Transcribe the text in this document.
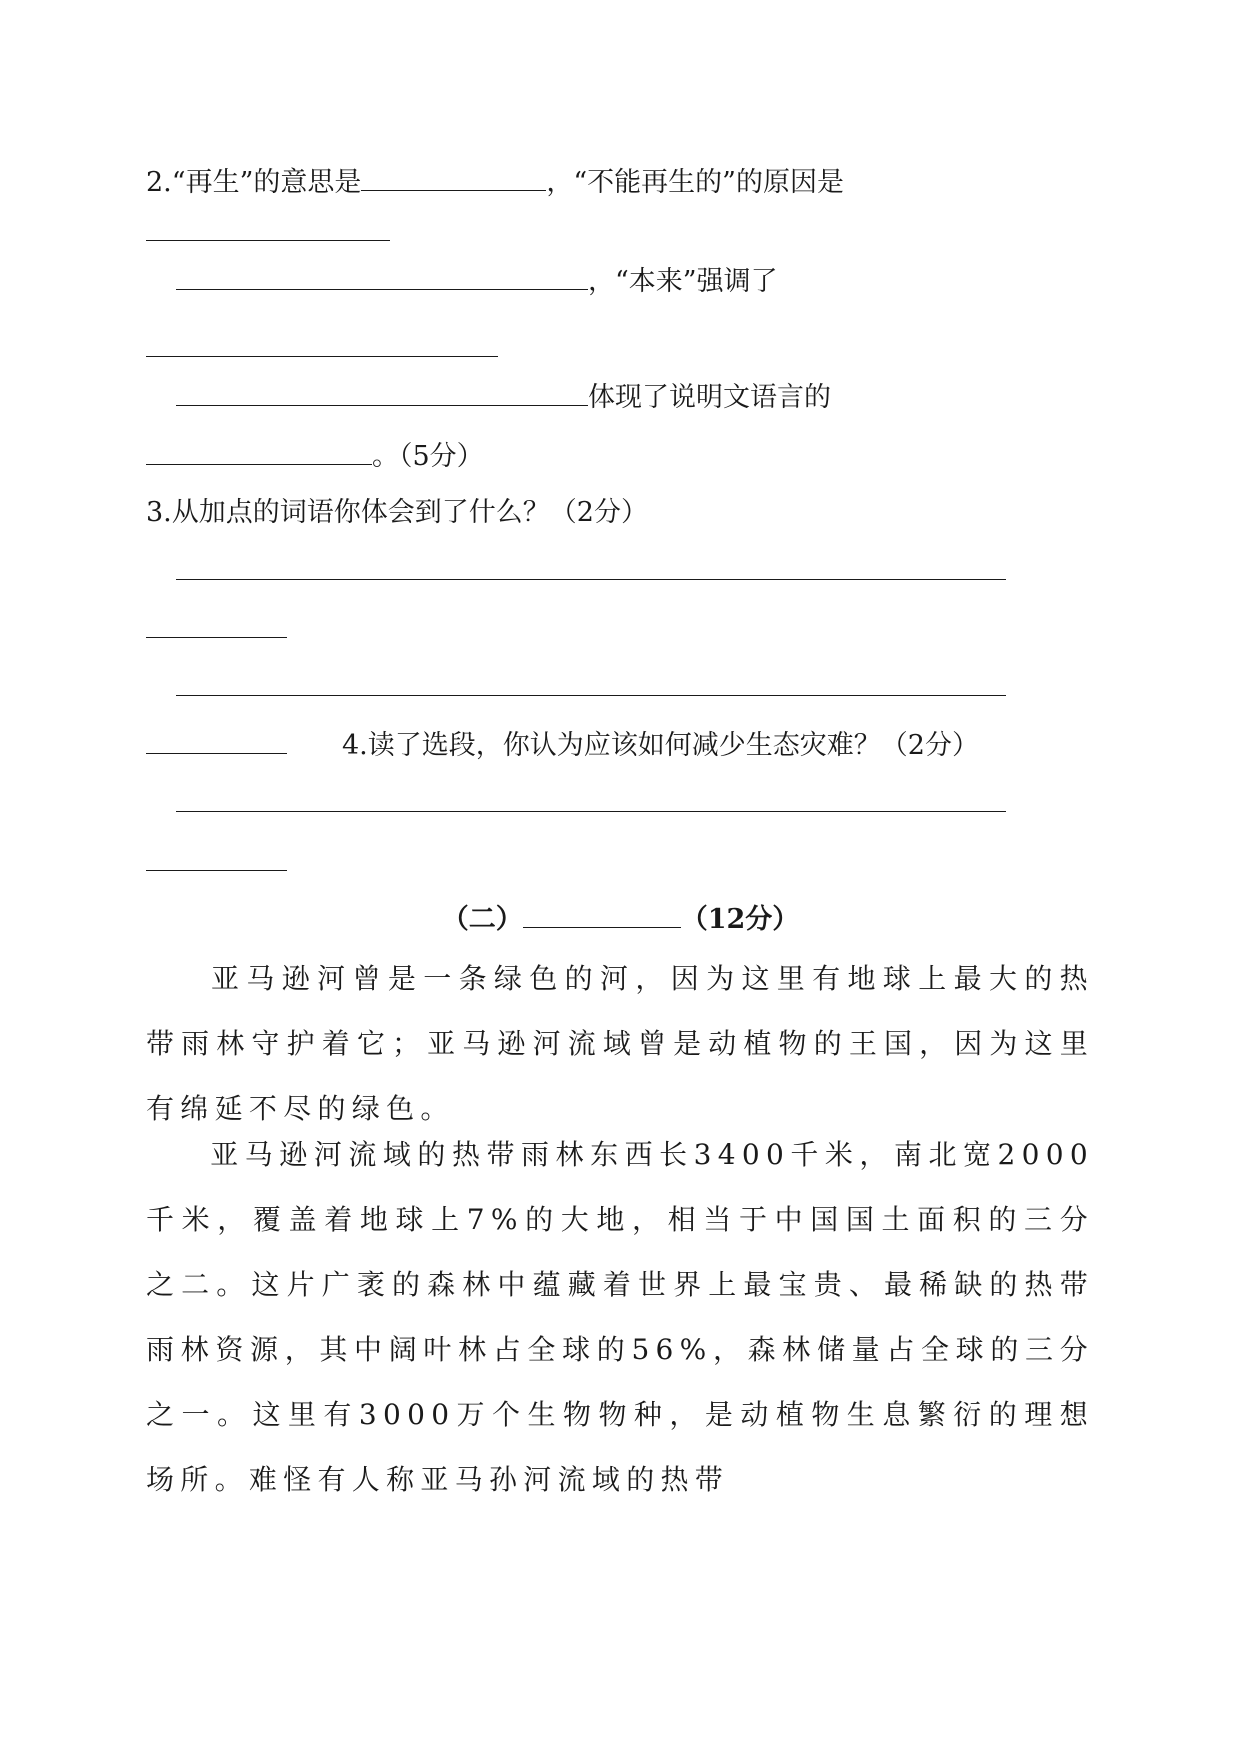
2.“再生”的意思是	，“不能再生的”的原因是
，“本来”强调了
体现了说明文语言的
。（5分）
3.从加点的词语你体会到了什么？（2分）
4.读了选段，你认为应该如何减少生态灾难？（2分）
（二）	（12分）

亚马逊河曾是一条绿色的河，因为这里有地球上最大的热带雨林守护着它；亚马逊河流域曾是动植物的王国，因为这里有绵延不尽的绿色。

亚马逊河流域的热带雨林东西长3400千米，南北宽2000千米，覆盖着地球上7%的大地，相当于中国国土面积的三分之二。这片广袤的森林中蕴藏着世界上最宝贵、最稀缺的热带雨林资源，其中阔叶林占全球的56%，森林储量占全球的三分之一。这里有3000万个生物物种，是动植物生息繁衍的理想场所。难怪有人称亚马孙河流域的热带
